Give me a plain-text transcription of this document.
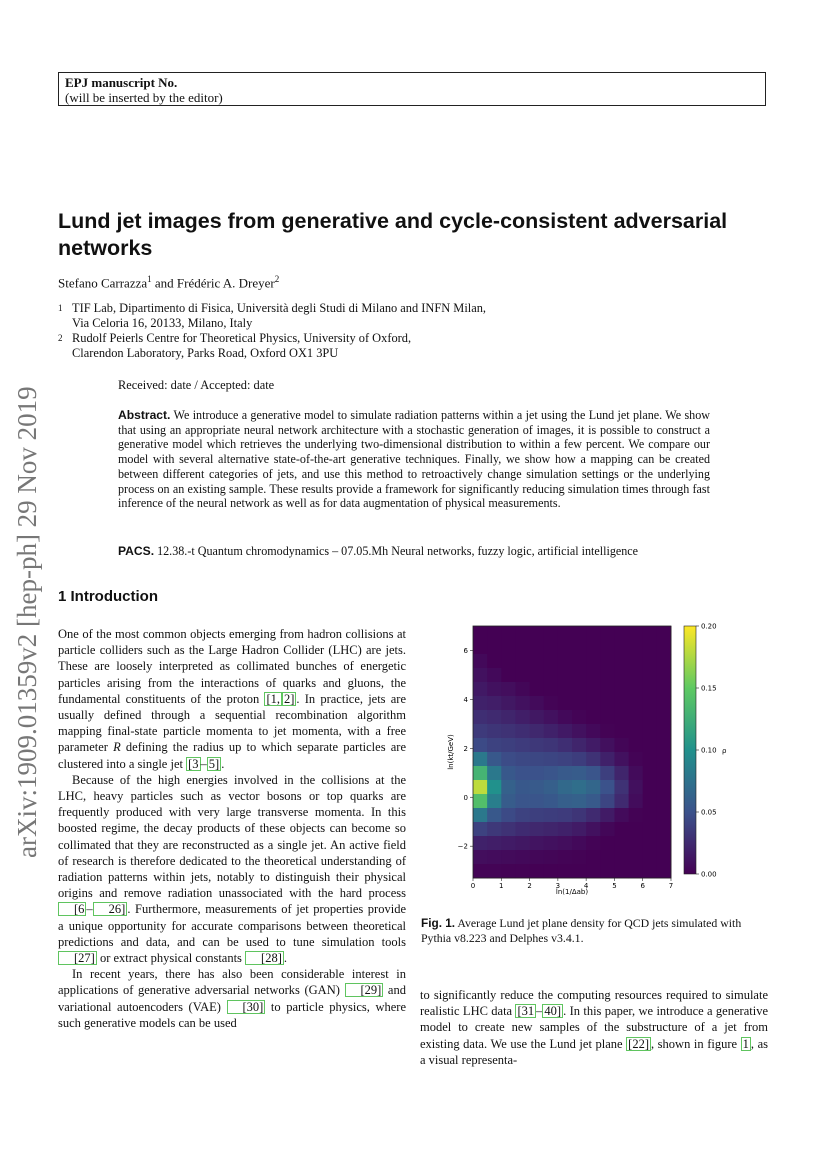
EPJ manuscript No.
(will be inserted by the editor)
Lund jet images from generative and cycle-consistent adversarial networks
Stefano Carrazza$^1$ and Frédéric A. Dreyer$^2$
1 TIF Lab, Dipartimento di Fisica, Università degli Studi di Milano and INFN Milan,
Via Celoria 16, 20133, Milano, Italy
2 Rudolf Peierls Centre for Theoretical Physics, University of Oxford,
Clarendon Laboratory, Parks Road, Oxford OX1 3PU
Received: date / Accepted: date
Abstract. We introduce a generative model to simulate radiation patterns within a jet using the Lund jet plane. We show that using an appropriate neural network architecture with a stochastic generation of images, it is possible to construct a generative model which retrieves the underlying two-dimensional distribution to within a few percent. We compare our model with several alternative state-of-the-art generative techniques. Finally, we show how a mapping can be created between different categories of jets, and use this method to retroactively change simulation settings or the underlying process on an existing sample. These results provide a framework for significantly reducing simulation times through fast inference of the neural network as well as for data augmentation of physical measurements.
PACS. 12.38.-t Quantum chromodynamics – 07.05.Mh Neural networks, fuzzy logic, artificial intelligence
arXiv:1909.01359v2 [hep-ph] 29 Nov 2019 1 Introduction

One of the most common objects emerging from hadron collisions at particle colliders such as the Large Hadron Collider (LHC) are jets. These are loosely interpreted as collimated bunches of energetic particles arising from the interactions of quarks and gluons, the fundamental constituents of the proton [1, 2] . In practice, jets are usually defined through a sequential recombination algorithm mapping final-state particle momenta to jet momenta, with a free parameter R defining the radius up to which separate particles are clustered into a single jet [3 – 5] .

Because of the high energies involved in the collisions at the LHC, heavy particles such as vector bosons or top quarks are frequently produced with very large transverse momenta. In this boosted regime, the decay products of these objects can become so collimated that they are reconstructed as a single jet. An active field of research is therefore dedicated to the theoretical understanding of radiation patterns within jets, notably to distinguish their physical origins and remove radiation unassociated with the hard process [6 – 26] . Furthermore, measurements of jet properties provide a unique opportunity for accurate comparisons between theoretical predictions and data, and can be used to tune simulation tools [27] or extract physical constants [28] .

In recent years, there has also been considerable interest in applications of generative adversarial networks (GAN) [29] and variational autoencoders (VAE) [30] to particle physics, where such generative models can be used

0	1	2	3	4	5	6	7
−2
0
2
4
6
ln(1/Δab)
ln(kt/GeV)
0.00
0.05
0.10
0.15
0.20
ρ
Fig. 1. Average Lund jet plane density for QCD jets simulated with Pythia v8.223 and Delphes v3.4.1.

to significantly reduce the computing resources required to simulate realistic LHC data [31 – 40] . In this paper, we introduce a generative model to create new samples of the substructure of a jet from existing data. We use the Lund jet plane [22] , shown in figure 1 , as a visual representa-
